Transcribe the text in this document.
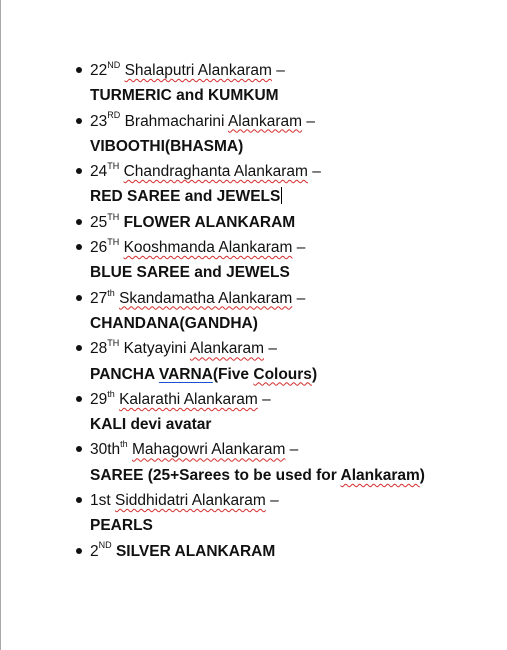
22ND Shalaputri Alankaram –
TURMERIC and KUMKUM
23RD Brahmacharini Alankaram –
VIBOOTHI(BHASMA)
24TH Chandraghanta Alankaram –
RED SAREE and JEWELS
25TH FLOWER ALANKARAM
26TH Kooshmanda Alankaram –
BLUE SAREE and JEWELS
27th Skandamatha Alankaram –
CHANDANA(GANDHA)
28TH Katyayini Alankaram –
PANCHA VARNA(Five Colours)
29th Kalarathi Alankaram –
KALI devi avatar
$30th^{th}$ Mahagowri Alankaram –
SAREE (25+Sarees to be used for Alankaram)
1st Siddhidatri Alankaram –
PEARLS
2ND SILVER ALANKARAM
